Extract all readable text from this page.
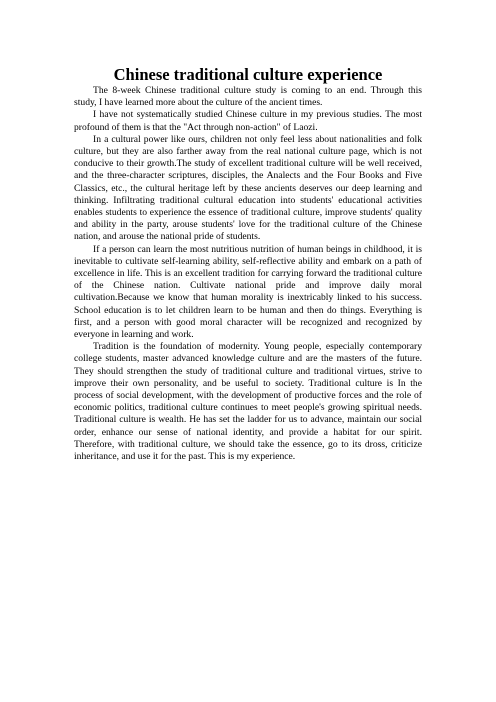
Chinese traditional culture experience

The 8-week Chinese traditional culture study is coming to an end. Through this study, I have learned more about the culture of the ancient times.

I have not systematically studied Chinese culture in my previous studies. The most profound of them is that the "Act through non-action" of Laozi.

In a cultural power like ours, children not only feel less about nationalities and folk culture, but they are also farther away from the real national culture page, which is not conducive to their growth.The study of excellent traditional culture will be well received, and the three-character scriptures, disciples, the Analects and the Four Books and Five Classics, etc., the cultural heritage left by these ancients deserves our deep learning and thinking. Infiltrating traditional cultural education into students' educational activities enables students to experience the essence of traditional culture, improve students' quality and ability in the party, arouse students' love for the traditional culture of the Chinese nation, and arouse the national pride of students.

If a person can learn the most nutritious nutrition of human beings in childhood, it is inevitable to cultivate self-learning ability, self-reflective ability and embark on a path of excellence in life. This is an excellent tradition for carrying forward the traditional culture of the Chinese nation. Cultivate national pride and improve daily moral cultivation.Because we know that human morality is inextricably linked to his success. School education is to let children learn to be human and then do things. Everything is first, and a person with good moral character will be recognized and recognized by everyone in learning and work.

Tradition is the foundation of modernity. Young people, especially contemporary college students, master advanced knowledge culture and are the masters of the future. They should strengthen the study of traditional culture and traditional virtues, strive to improve their own personality, and be useful to society. Traditional culture is In the process of social development, with the development of productive forces and the role of economic politics, traditional culture continues to meet people's growing spiritual needs. Traditional culture is wealth. He has set the ladder for us to advance, maintain our social order, enhance our sense of national identity, and provide a habitat for our spirit. Therefore, with traditional culture, we should take the essence, go to its dross, criticize inheritance, and use it for the past. This is my experience.
